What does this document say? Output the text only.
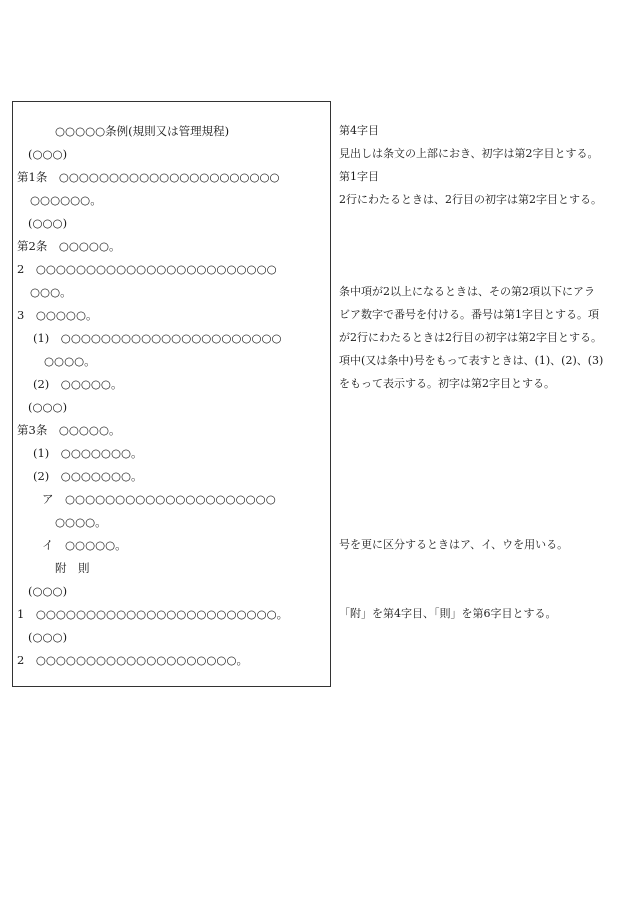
○○○○○条例(規則又は管理規程)
(○○○)
第1条　○○○○○○○○○○○○○○○○○○○○○○
○○○○○○。
(○○○)
第2条　○○○○○。
2　○○○○○○○○○○○○○○○○○○○○○○○○
○○○。
3　○○○○○。
(1)　○○○○○○○○○○○○○○○○○○○○○○
○○○○。
(2)　○○○○○。
(○○○)
第3条　○○○○○。
(1)　○○○○○○○。
(2)　○○○○○○○。
ア　○○○○○○○○○○○○○○○○○○○○○
○○○○。
イ　○○○○○。
附　則
(○○○)
1　○○○○○○○○○○○○○○○○○○○○○○○○。
(○○○)
2　○○○○○○○○○○○○○○○○○○○○。
第4字目
見出しは条文の上部におき、初字は第2字目とする。
第1字目
2行にわたるときは、2行目の初字は第2字目とする。
条中項が2以上になるときは、その第2項以下にアラ
ビア数字で番号を付ける。番号は第1字目とする。項
が2行にわたるときは2行目の初字は第2字目とする。
項中(又は条中)号をもって表すときは、(1)、(2)、(3)
をもって表示する。初字は第2字目とする。
号を更に区分するときはア、イ、ウを用いる。
「附」を第4字目、「則」を第6字目とする。
